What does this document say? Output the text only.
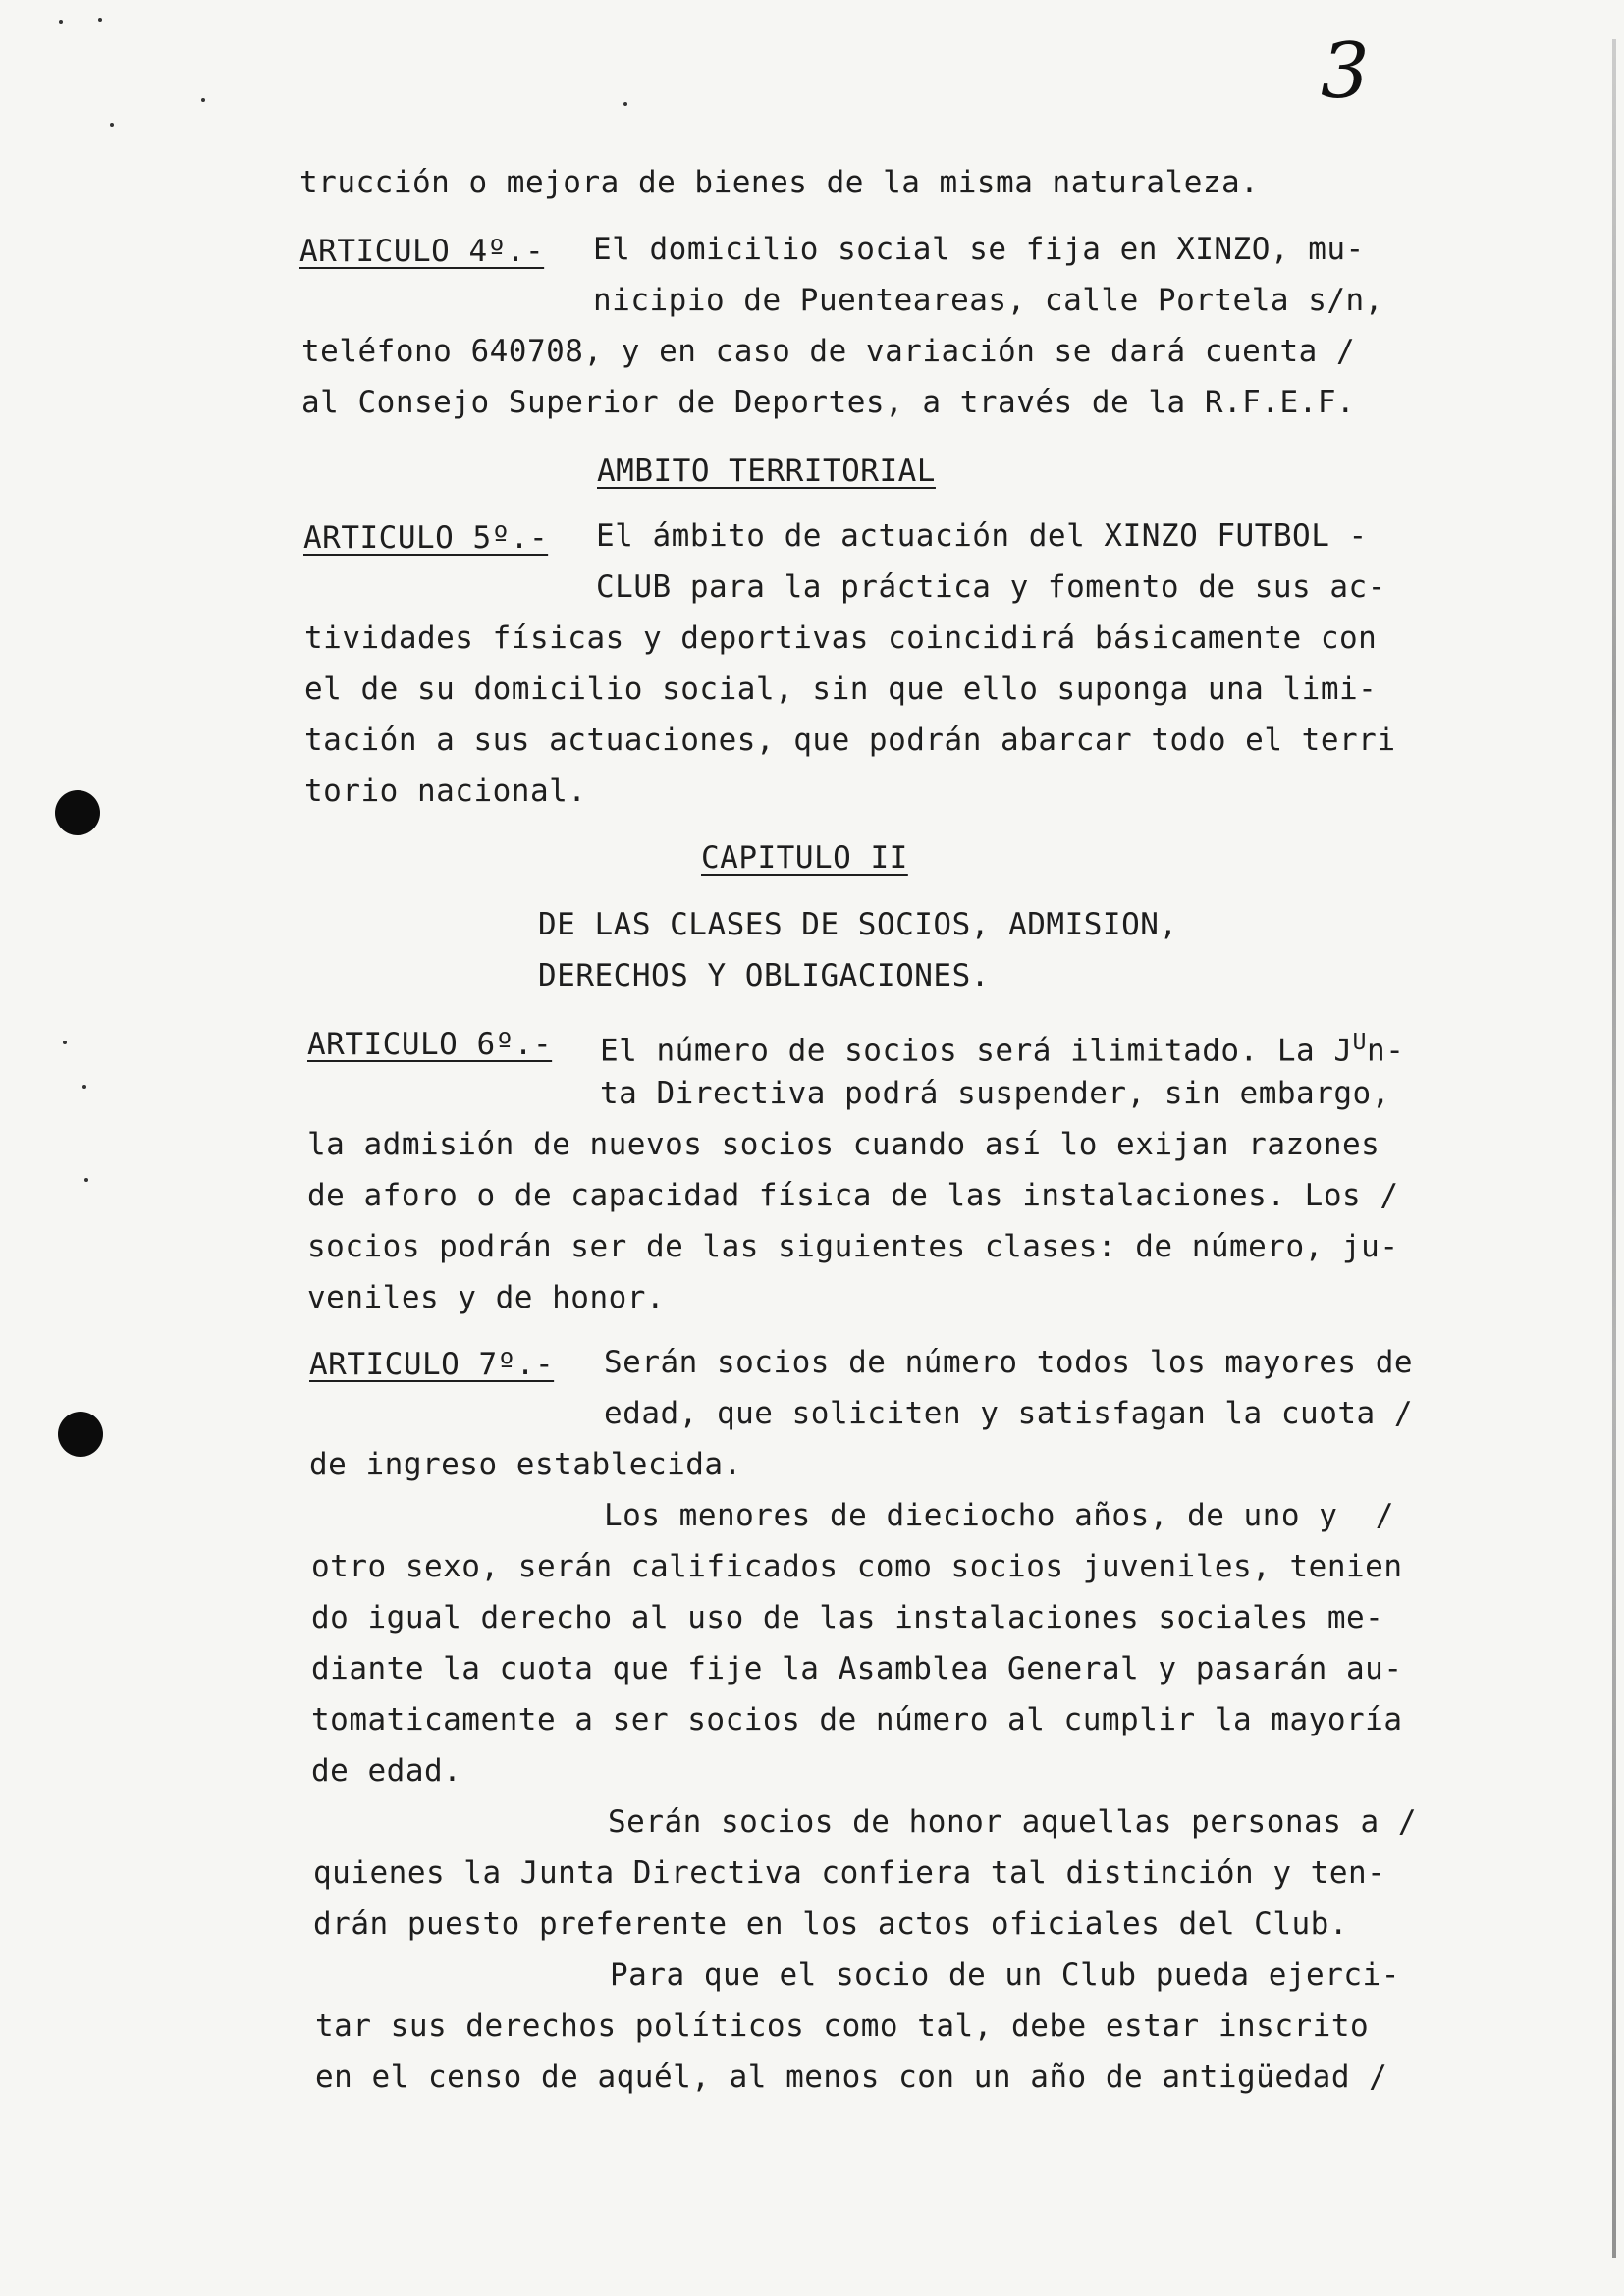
3
trucción o mejora de bienes de la misma naturaleza.
ARTICULO 4º.- El domicilio social se fija en XINZO, mu-
nicipio de Puenteareas, calle Portela s/n,
teléfono 640708, y en caso de variación se dará cuenta /
al Consejo Superior de Deportes, a través de la R.F.E.F.
AMBITO TERRITORIAL
ARTICULO 5º.- El ámbito de actuación del XINZO FUTBOL -
CLUB para la práctica y fomento de sus ac-
tividades físicas y deportivas coincidirá básicamente con
el de su domicilio social, sin que ello suponga una limi-
tación a sus actuaciones, que podrán abarcar todo el terri
torio nacional.
CAPITULO II
DE LAS CLASES DE SOCIOS, ADMISION,
DERECHOS Y OBLIGACIONES.
ARTICULO 6º.- El número de socios será ilimitado. La $J^Un-$
ta Directiva podrá suspender, sin embargo,
la admisión de nuevos socios cuando así lo exijan razones
de aforo o de capacidad física de las instalaciones. Los /
socios podrán ser de las siguientes clases: de número, ju-
veniles y de honor.
ARTICULO 7º.- Serán socios de número todos los mayores de
edad, que soliciten y satisfagan la cuota /
de ingreso establecida.
Los menores de dieciocho años, de uno y  /
otro sexo, serán calificados como socios juveniles, tenien
do igual derecho al uso de las instalaciones sociales me-
diante la cuota que fije la Asamblea General y pasarán au-
tomaticamente a ser socios de número al cumplir la mayoría
de edad.
Serán socios de honor aquellas personas a /
quienes la Junta Directiva confiera tal distinción y ten-
drán puesto preferente en los actos oficiales del Club.
Para que el socio de un Club pueda ejerci-
tar sus derechos políticos como tal, debe estar inscrito
en el censo de aquél, al menos con un año de antigüedad /
